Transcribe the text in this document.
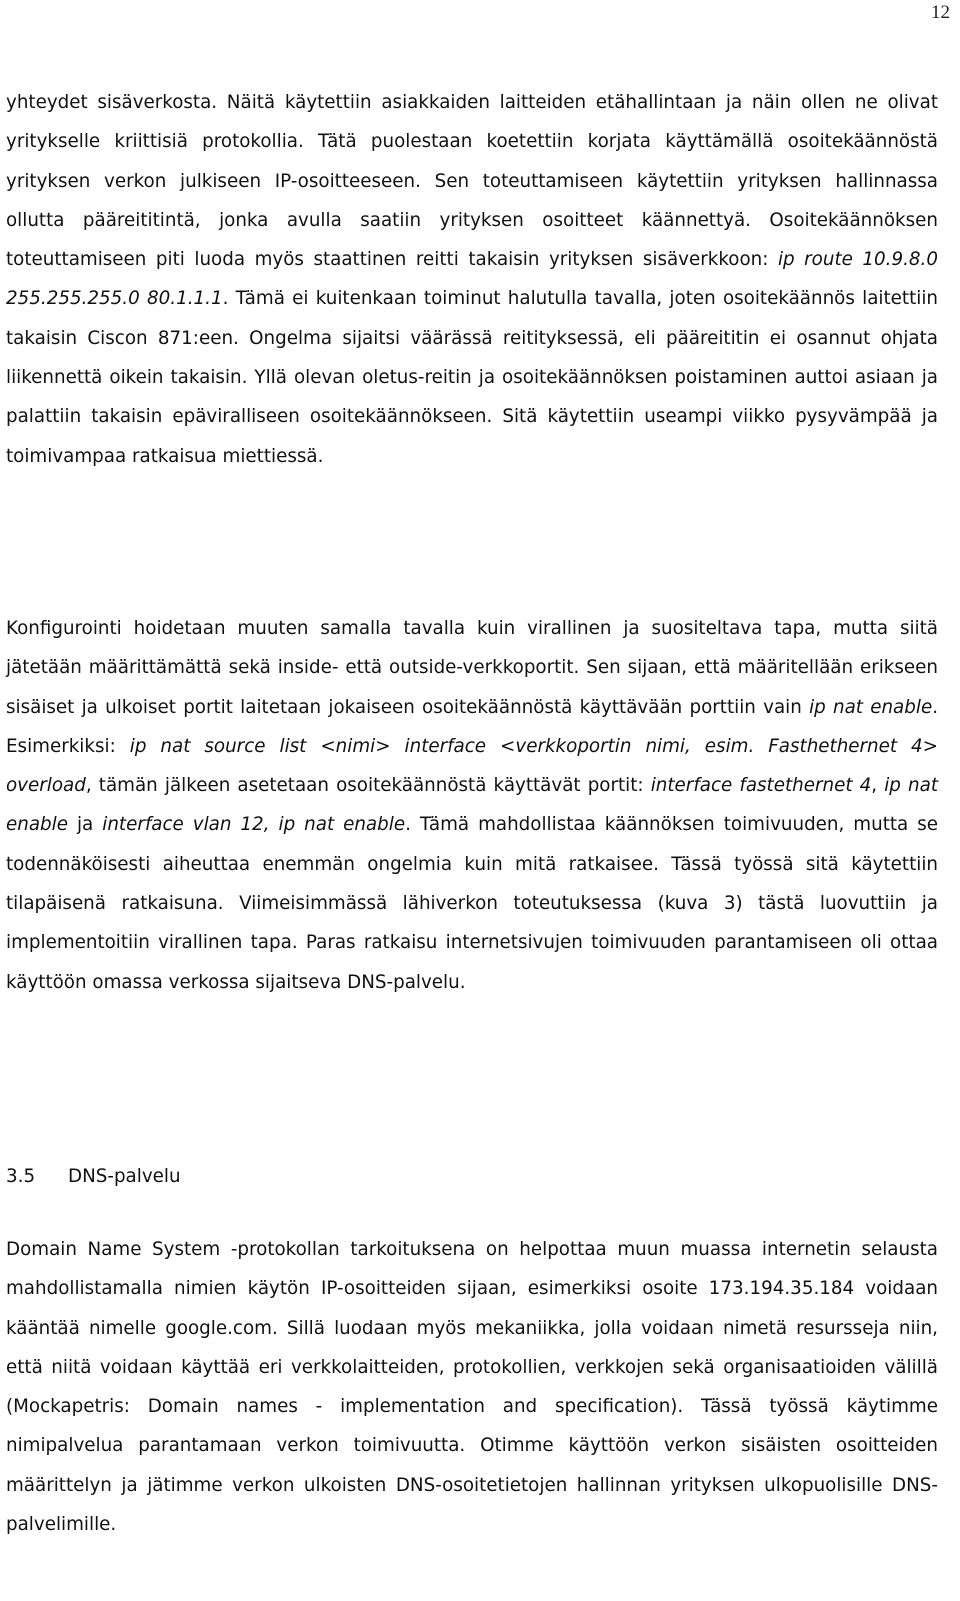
12

yhteydet sisäverkosta. Näitä käytettiin asiakkaiden laitteiden etähallintaan ja näin ollen ne olivat yritykselle kriittisiä protokollia. Tätä puolestaan koetettiin korjata käyttämällä osoitekäännöstä yrityksen verkon julkiseen IP-osoitteeseen. Sen toteuttamiseen käytettiin yrityksen hallinnassa ollutta pääreititintä, jonka avulla saatiin yrityksen osoitteet käännettyä. Osoitekäännöksen toteuttamiseen piti luoda myös staattinen reitti takaisin yrityksen sisäverkkoon: ip route 10.9.8.0 255.255.255.0 80.1.1.1. Tämä ei kuitenkaan toiminut halutulla tavalla, joten osoitekäännös laitettiin takaisin Ciscon 871:een. Ongelma sijaitsi väärässä reitityksessä, eli pääreititin ei osannut ohjata liikennettä oikein takaisin. Yllä olevan oletus-reitin ja osoitekäännöksen poistaminen auttoi asiaan ja palattiin takaisin epäviralliseen osoitekäännökseen. Sitä käytettiin useampi viikko pysyvämpää ja toimivampaa ratkaisua miettiessä.

Konfigurointi hoidetaan muuten samalla tavalla kuin virallinen ja suositeltava tapa, mutta siitä jätetään määrittämättä sekä inside- että outside-verkkoportit. Sen sijaan, että määritellään erikseen sisäiset ja ulkoiset portit laitetaan jokaiseen osoitekäännöstä käyttävään porttiin vain ip nat enable. Esimerkiksi: ip nat source list <nimi> interface <verkkoportin nimi, esim. Fasthethernet 4> overload, tämän jälkeen asetetaan osoitekäännöstä käyttävät portit: interface fastethernet 4, ip nat enable ja interface vlan 12, ip nat enable. Tämä mahdollistaa käännöksen toimivuuden, mutta se todennäköisesti aiheuttaa enemmän ongelmia kuin mitä ratkaisee. Tässä työssä sitä käytettiin tilapäisenä ratkaisuna. Viimeisimmässä lähiverkon toteutuksessa (kuva 3) tästä luovuttiin ja implementoitiin virallinen tapa. Paras ratkaisu internetsivujen toimivuuden parantamiseen oli ottaa käyttöön omassa verkossa sijaitseva DNS-palvelu.

3.5 DNS-palvelu

Domain Name System -protokollan tarkoituksena on helpottaa muun muassa internetin selausta mahdollistamalla nimien käytön IP-osoitteiden sijaan, esimerkiksi osoite 173.194.35.184 voidaan kääntää nimelle google.com. Sillä luodaan myös mekaniikka, jolla voidaan nimetä resursseja niin, että niitä voidaan käyttää eri verkkolaitteiden, protokollien, verkkojen sekä organisaatioiden välillä (Mockapetris: Domain names - implementation and specification). Tässä työssä käytimme nimipalvelua parantamaan verkon toimivuutta. Otimme käyttöön verkon sisäisten osoitteiden määrittelyn ja jätimme verkon ulkoisten DNS-osoitetietojen hallinnan yrityksen ulkopuolisille DNS-palvelimille.
